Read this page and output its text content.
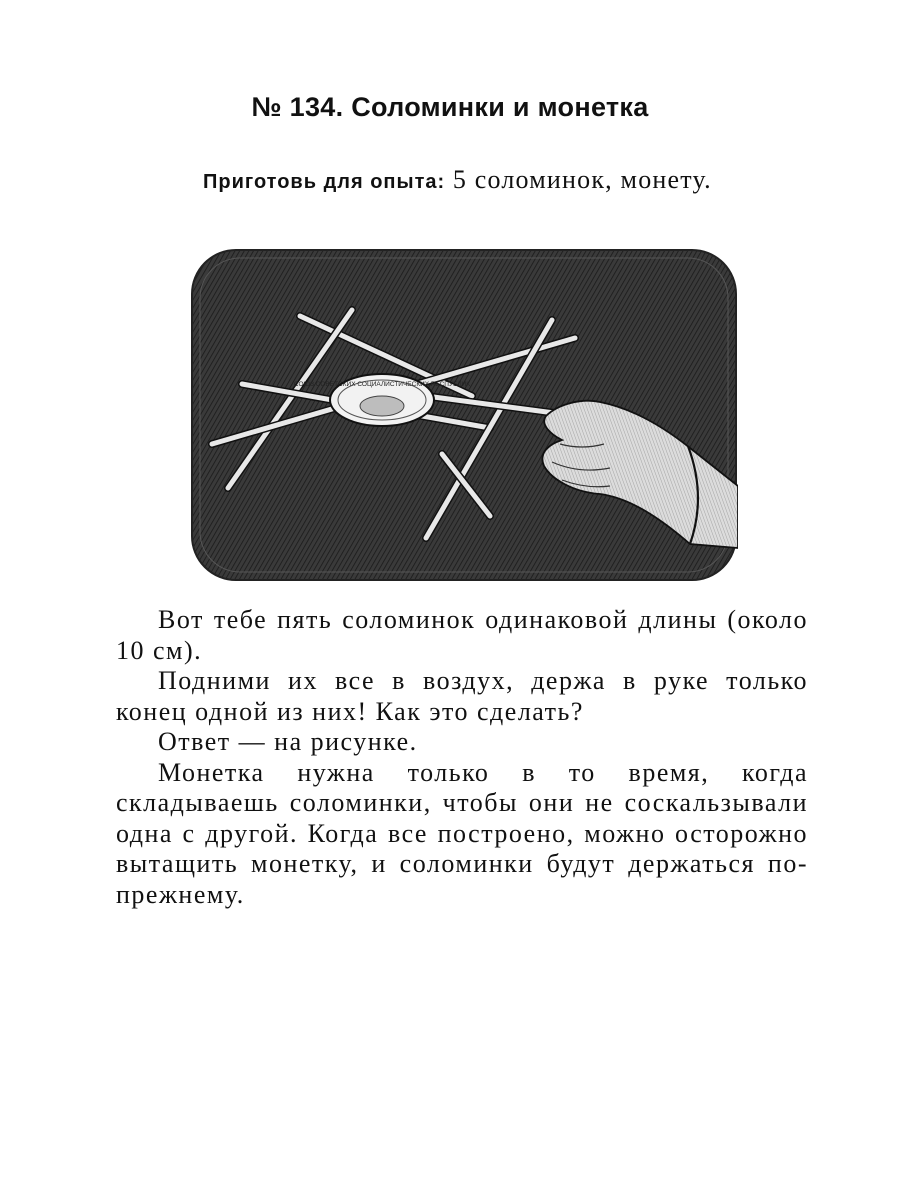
№ 134. Соломинки и монетка

Приготовь для опыта: 5 соломинок, монету.

СОЮЗ СОВЕТСКИХ СОЦИАЛИСТИЧЕСКИХ РЕСПУБЛИК

Вот тебе пять соломинок одинаковой длины (около 10 см).

Подними их все в воздух, держа в руке только конец одной из них! Как это сделать?

Ответ — на рисунке.

Монетка нужна только в то время, когда складываешь соломинки, чтобы они не соскальзывали одна с другой. Когда все построено, можно осторожно вытащить монетку, и соломинки будут держаться по-прежнему.
